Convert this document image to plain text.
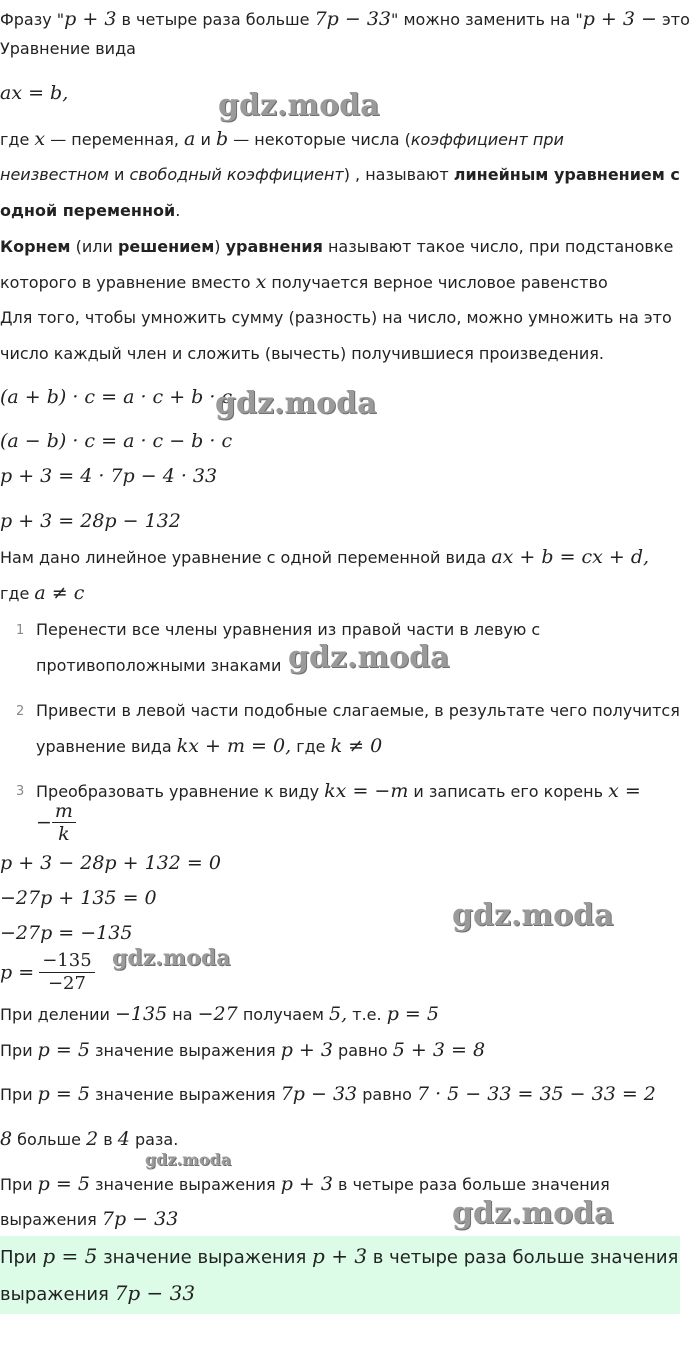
Фразу "p + 3 в четыре раза больше 7p − 33" можно заменить на "p + 3 − это
Уравнение вида
ax = b,
где x — переменная, a и b — некоторые числа (коэффициент при
неизвестном и свободный коэффициент) , называют линейным уравнением с
одной переменной.
Корнем (или решением) уравнения называют такое число, при подстановке
которого в уравнение вместо x получается верное числовое равенство
Для того, чтобы умножить сумму (разность) на число, можно умножить на это
число каждый член и сложить (вычесть) получившиеся произведения.
(a + b) · c = a · c + b · c
(a − b) · c = a · c − b · c
p + 3 = 4 · 7p − 4 · 33
p + 3 = 28p − 132
Нам дано линейное уравнение с одной переменной вида ax + b = cx + d,
где a ≠ c
1 Перенести все члены уравнения из правой части в левую с
противоположными знаками
2 Привести в левой части подобные слагаемые, в результате чего получится
уравнение вида kx + m = 0, где k ≠ 0
3 Преобразовать уравнение к виду kx = −m и записать его корень x =
− $\frac{m}{k}$
p + 3 − 28p + 132 = 0
−27p + 135 = 0
−27p = −135
$p = \frac{-135}{-27}$
При делении −135 на −27 получаем 5, т.е. p = 5
При p = 5 значение выражения p + 3 равно 5 + 3 = 8
При p = 5 значение выражения 7p − 33 равно 7 · 5 − 33 = 35 − 33 = 2
8 больше 2 в 4 раза.
При p = 5 значение выражения p + 3 в четыре раза больше значения
выражения 7p − 33
При p = 5 значение выражения p + 3 в четыре раза больше значения
выражения 7p − 33
gdz.moda
gdz.moda
gdz.moda
gdz.moda
gdz.moda
gdz.moda
gdz.moda
